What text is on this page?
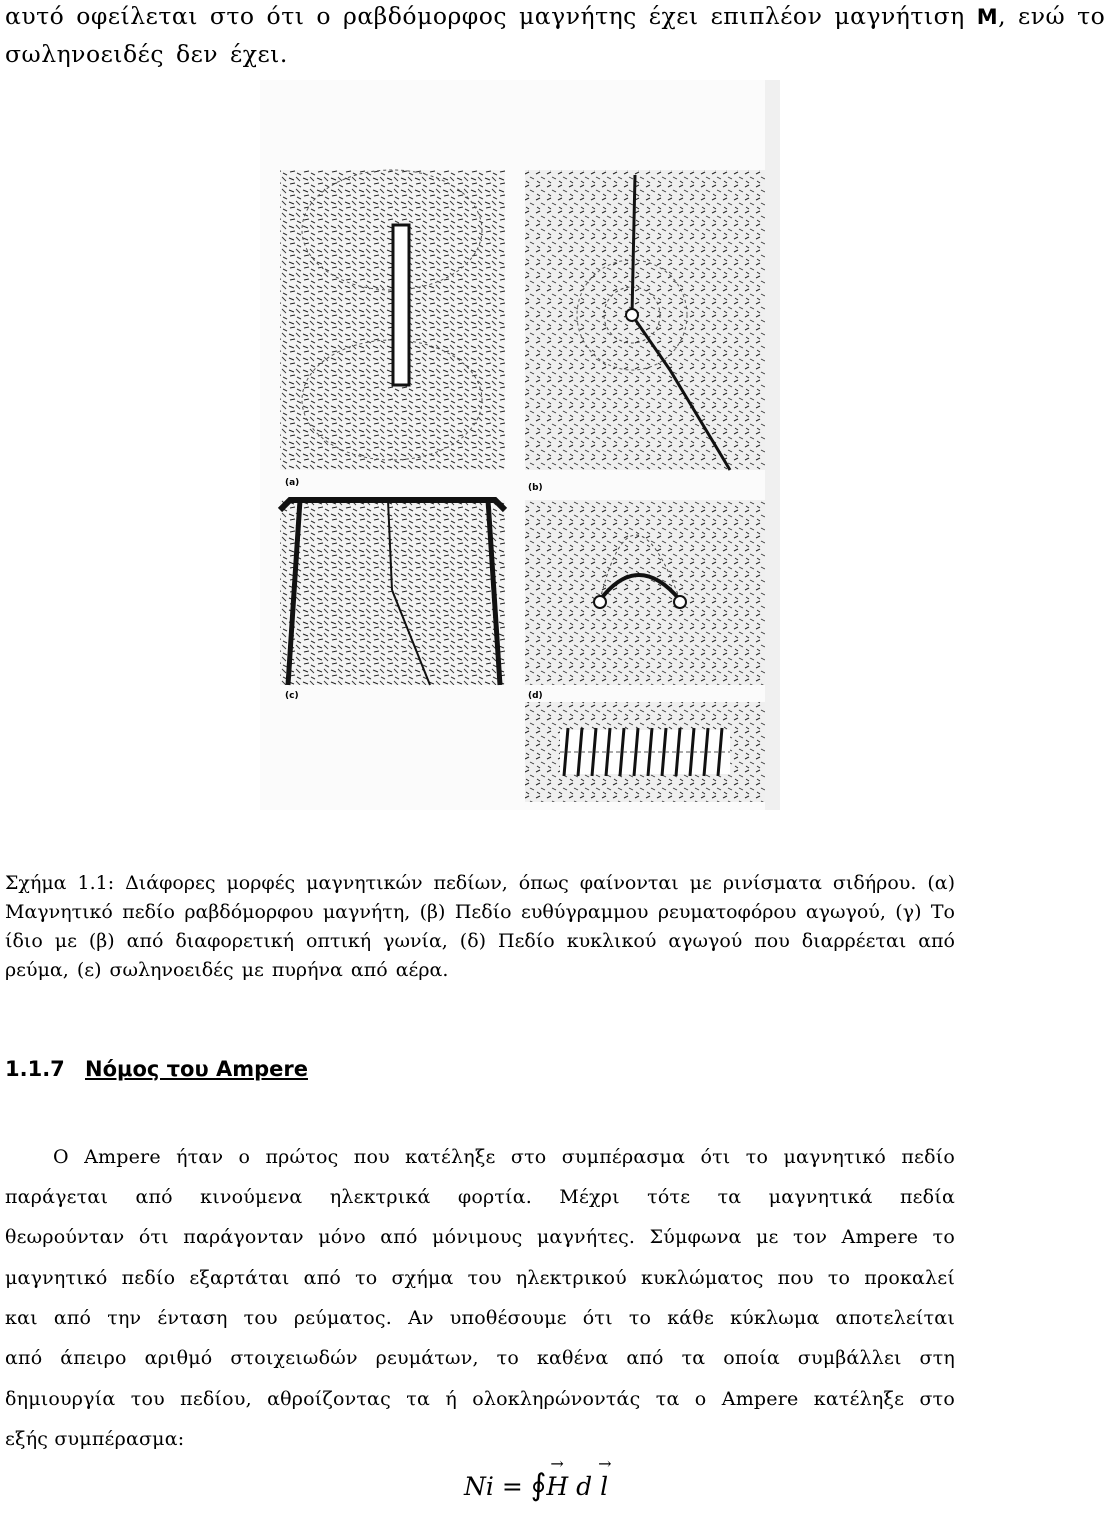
αυτό οφείλεται στο ότι ο ραβδόμορφος μαγνήτης έχει επιπλέον μαγνήτιση M, ενώ το
σωληνοειδές δεν έχει.
(a)	(b)
(c)	(d)
Σχήμα 1.1: Διάφορες μορφές μαγνητικών πεδίων, όπως φαίνονται με ρινίσματα σιδήρου. (α)
Μαγνητικό πεδίο ραβδόμορφου μαγνήτη, (β) Πεδίο ευθύγραμμου ρευματοφόρου αγωγού, (γ) Το
ίδιο με (β) από διαφορετική οπτική γωνία, (δ) Πεδίο κυκλικού αγωγού που διαρρέεται από
ρεύμα, (ε) σωληνοειδές με πυρήνα από αέρα.
1.1.7 Νόμος του Ampere
Ο Ampere ήταν ο πρώτος που κατέληξε στο συμπέρασμα ότι το μαγνητικό πεδίο
παράγεται από κινούμενα ηλεκτρικά φορτία. Μέχρι τότε τα μαγνητικά πεδία
θεωρούνταν ότι παράγονταν μόνο από μόνιμους μαγνήτες. Σύμφωνα με τον Ampere το
μαγνητικό πεδίο εξαρτάται από το σχήμα του ηλεκτρικού κυκλώματος που το προκαλεί
και από την ένταση του ρεύματος. Αν υποθέσουμε ότι το κάθε κύκλωμα αποτελείται
από άπειρο αριθμό στοιχειωδών ρευμάτων, το καθένα από τα οποία συμβάλλει στη
δημιουργία του πεδίου, αθροίζοντας τα ή ολοκληρώνοντάς τα ο Ampere κατέληξε στο
εξής συμπέρασμα:
Ni = ∮
→
H d
→
l
